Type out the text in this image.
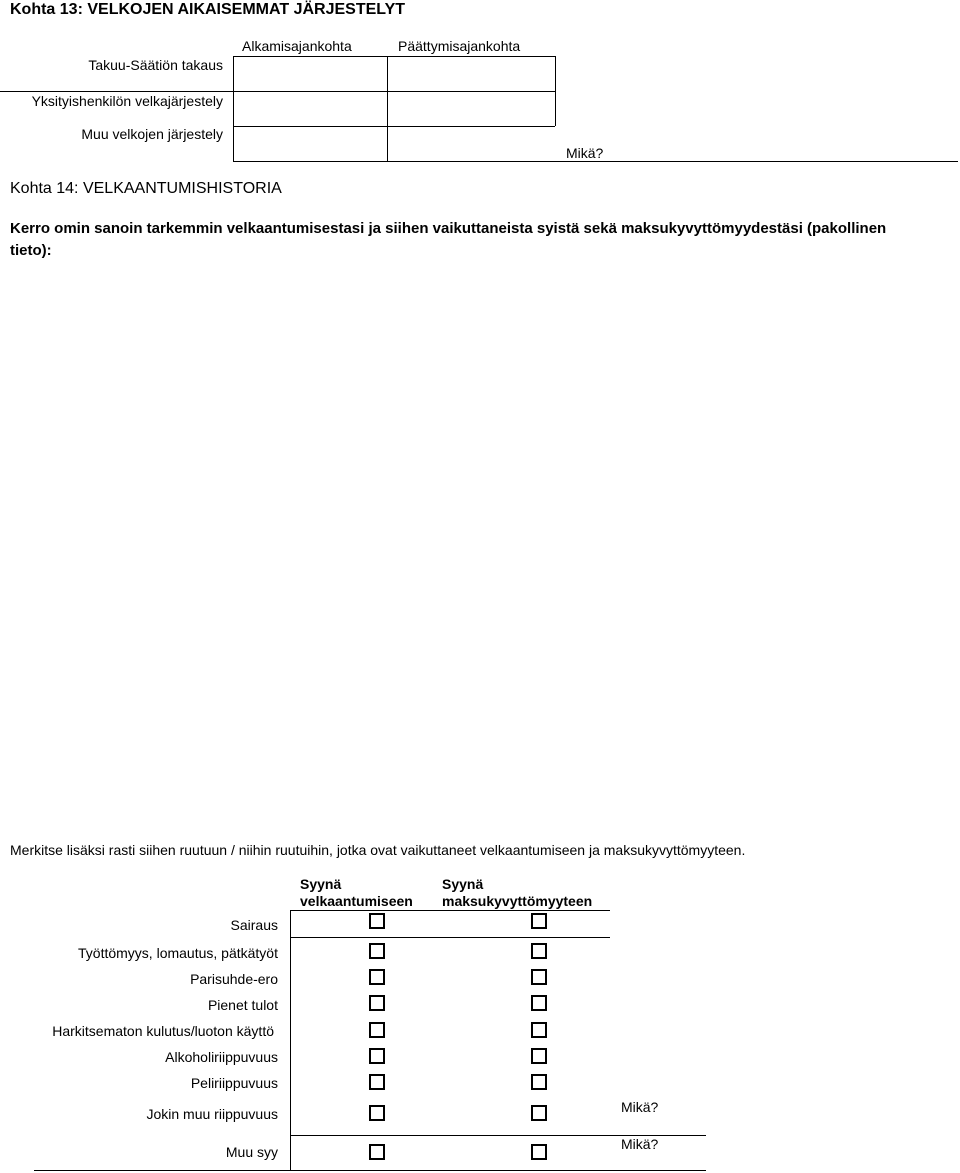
Kohta 13: VELKOJEN AIKAISEMMAT JÄRJESTELYT
Alkamisajankohta	Päättymisajankohta
Takuu-Säätiön takaus
Yksityishenkilön velkajärjestely
Muu velkojen järjestely
Mikä?
Kohta 14: VELKAANTUMISHISTORIA
Kerro omin sanoin tarkemmin velkaantumisestasi ja siihen vaikuttaneista syistä sekä maksukyvyttömyydestäsi (pakollinen tieto):
Merkitse lisäksi rasti siihen ruutuun / niihin ruutuihin, jotka ovat vaikuttaneet velkaantumiseen ja maksukyvyttömyyteen.
Syynä
velkaantumiseen
Syynä
maksukyvyttömyyteen
Sairaus
Työttömyys, lomautus, pätkätyöt
Parisuhde-ero
Pienet tulot
Harkitsematon kulutus/luoton käyttö
Alkoholiriippuvuus
Peliriippuvuus
Jokin muu riippuvuus
Muu syy
Mikä?
Mikä?
